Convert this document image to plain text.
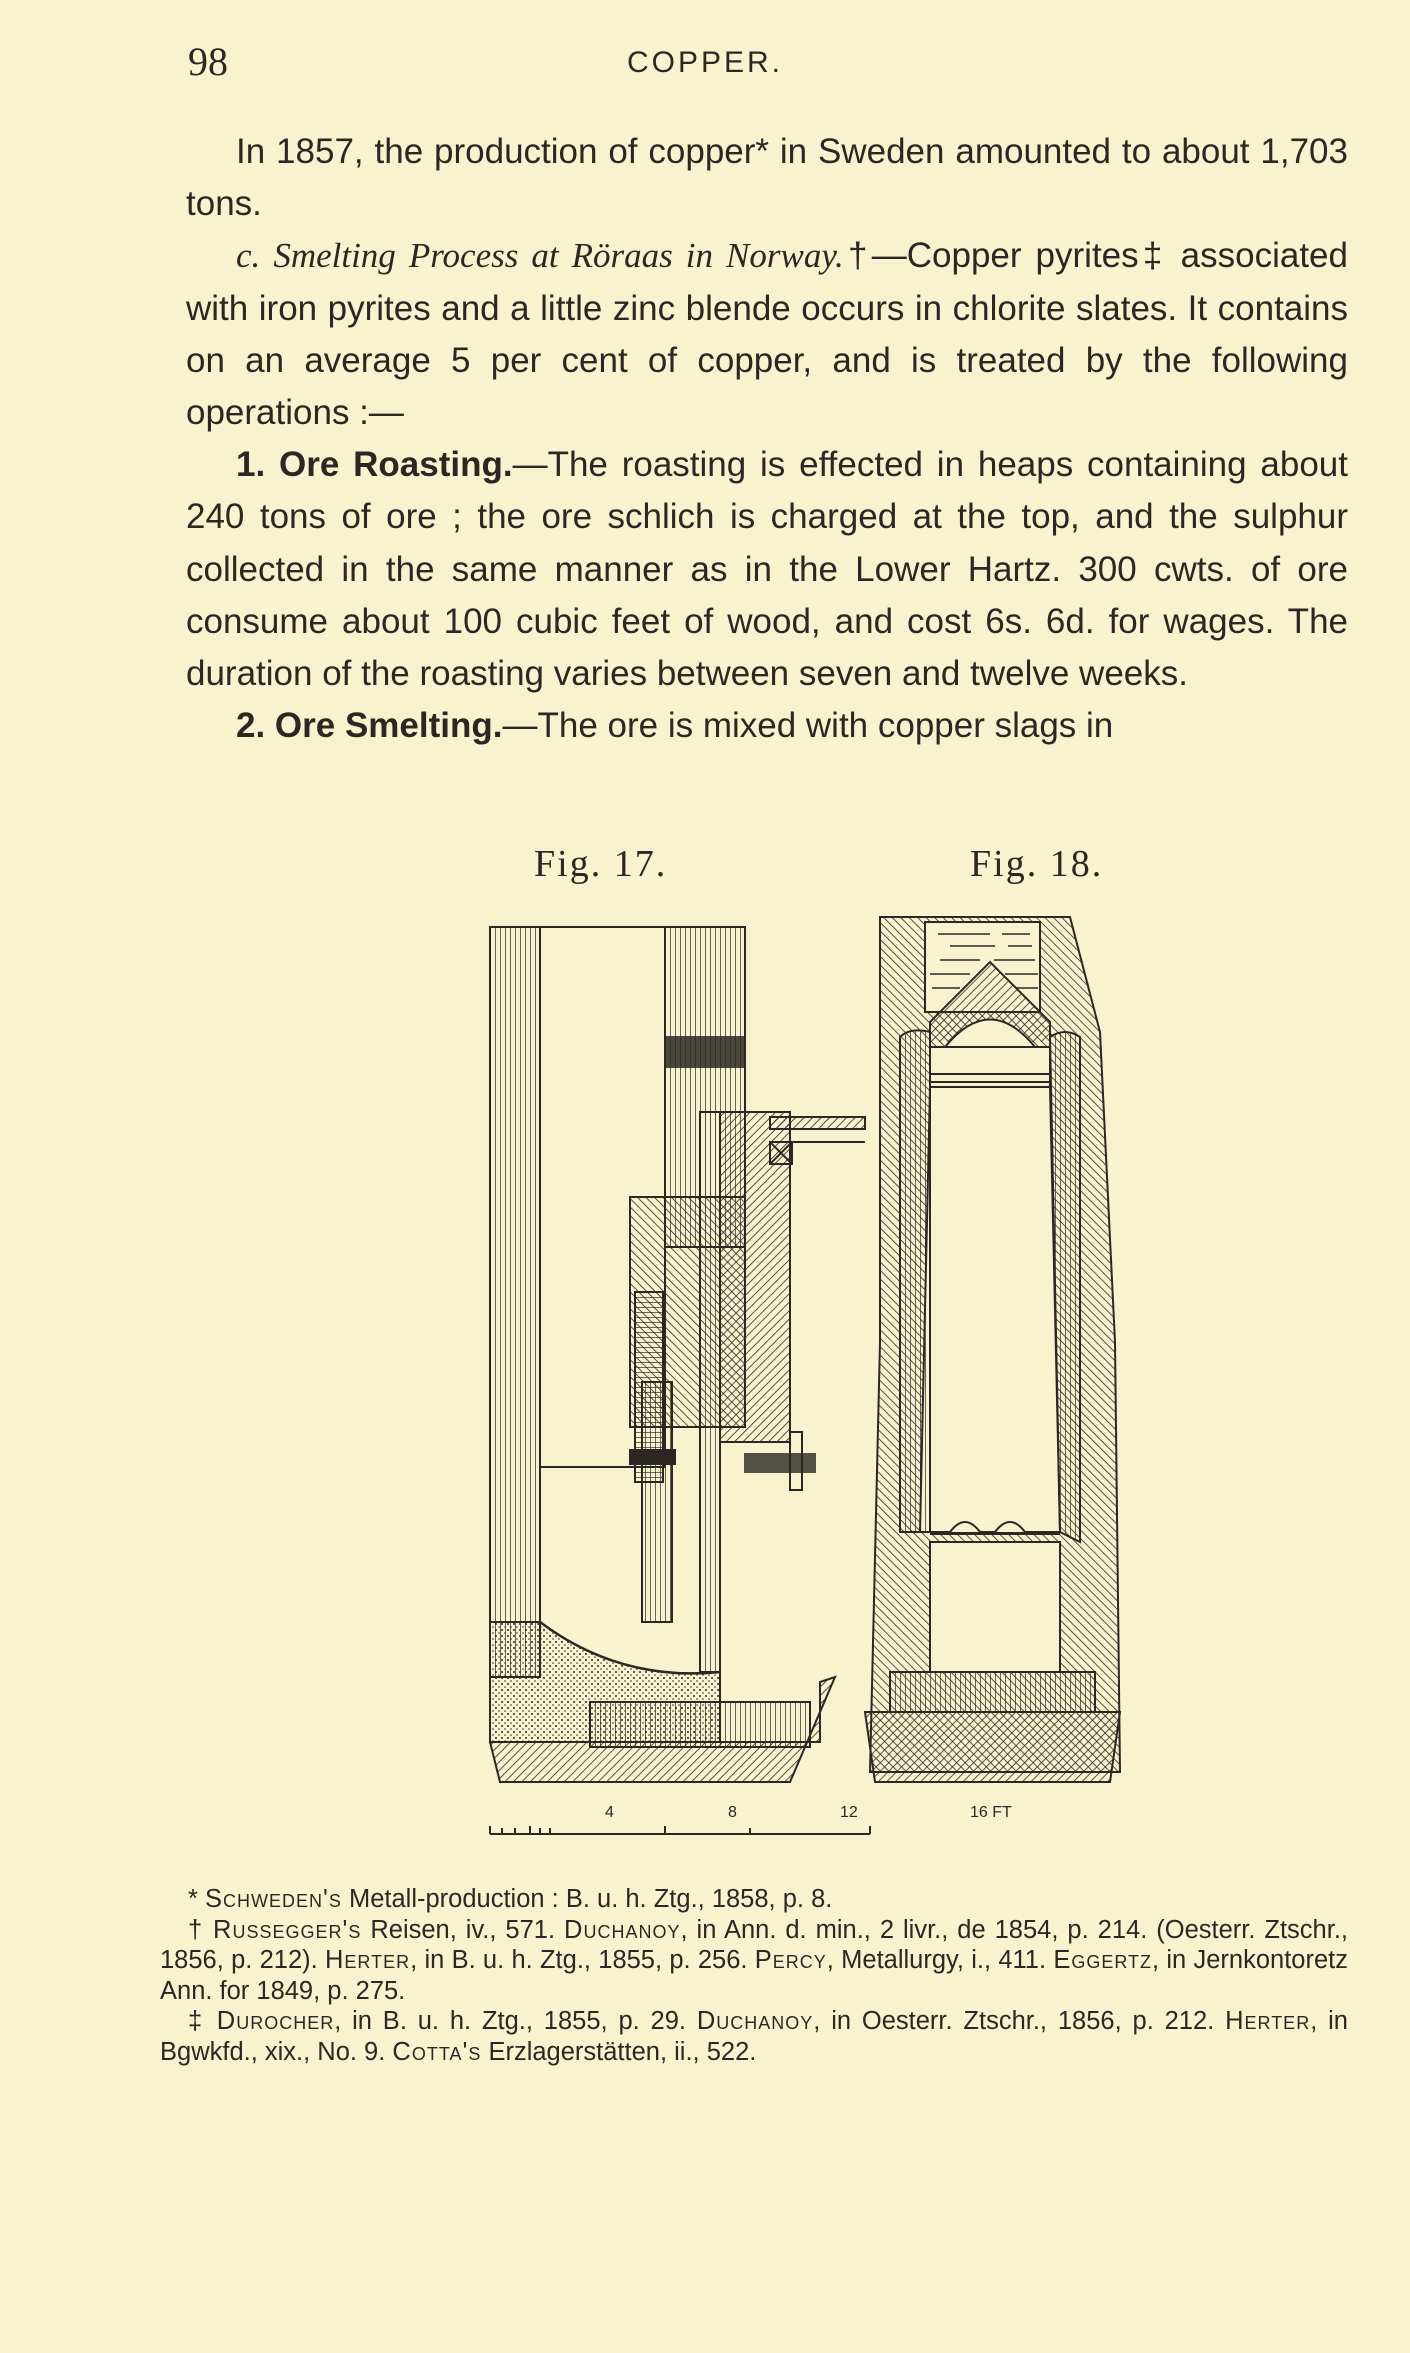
98	COPPER.

In 1857, the production of copper* in Sweden amounted to about 1,703 tons.

c. Smelting Process at Röraas in Norway.†—Copper pyrites‡ associated with iron pyrites and a little zinc blende occurs in chlorite slates. It contains on an average 5 per cent of copper, and is treated by the following operations :—

1. Ore Roasting.—The roasting is effected in heaps containing about 240 tons of ore ; the ore schlich is charged at the top, and the sulphur collected in the same manner as in the Lower Hartz. 300 cwts. of ore consume about 100 cubic feet of wood, and cost 6s. 6d. for wages. The duration of the roasting varies between seven and twelve weeks.

2. Ore Smelting.—The ore is mixed with copper slags in

Fig. 17.	Fig. 18.
4	8	12	16 FT

* Schweden's Metall-production : B. u. h. Ztg., 1858, p. 8.

† Russegger's Reisen, iv., 571. Duchanoy, in Ann. d. min., 2 livr., de 1854, p. 214. (Oesterr. Ztschr., 1856, p. 212). Herter, in B. u. h. Ztg., 1855, p. 256. Percy, Metallurgy, i., 411. Eggertz, in Jernkontoretz Ann. for 1849, p. 275.

‡ Durocher, in B. u. h. Ztg., 1855, p. 29. Duchanoy, in Oesterr. Ztschr., 1856, p. 212. Herter, in Bgwkfd., xix., No. 9. Cotta's Erzlagerstätten, ii., 522.
